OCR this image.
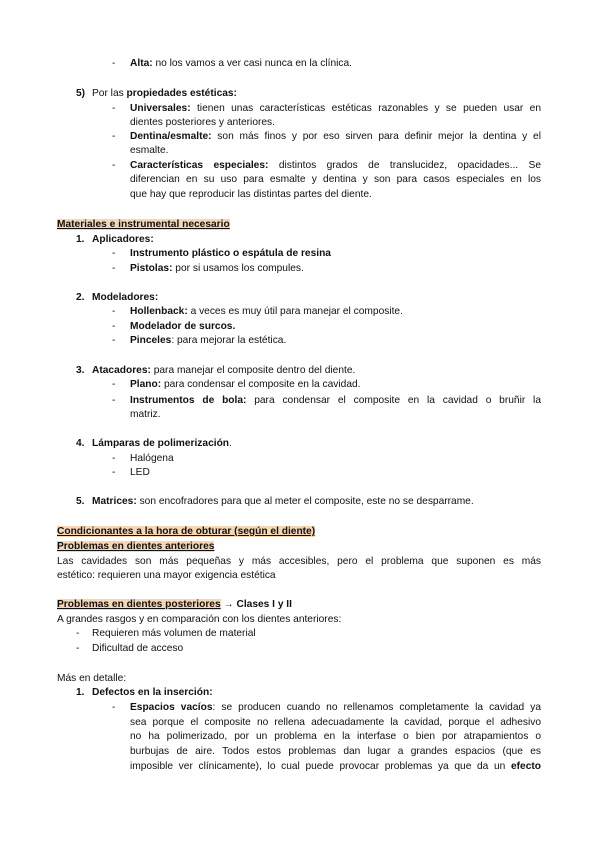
- Alta: no los vamos a ver casi nunca en la clínica.
5) Por las propiedades estéticas:
- Universales: tienen unas características estéticas razonables y se pueden usar en
dientes posteriores y anteriores.
- Dentina/esmalte: son más finos y por eso sirven para definir mejor la dentina y el
esmalte.
- Características especiales: distintos grados de translucidez, opacidades... Se
diferencian en su uso para esmalte y dentina y son para casos especiales en los
que hay que reproducir las distintas partes del diente.
Materiales e instrumental necesario
1. Aplicadores:
- Instrumento plástico o espátula de resina
- Pistolas: por si usamos los compules.
2. Modeladores:
- Hollenback: a veces es muy útil para manejar el composite.
- Modelador de surcos.
- Pinceles: para mejorar la estética.
3. Atacadores: para manejar el composite dentro del diente.
- Plano: para condensar el composite en la cavidad.
- Instrumentos de bola: para condensar el composite en la cavidad o bruñir la
matriz.
4. Lámparas de polimerización.
- Halógena
- LED
5. Matrices: son encofradores para que al meter el composite, este no se desparrame.
Condicionantes a la hora de obturar (según el diente)
Problemas en dientes anteriores
Las cavidades son más pequeñas y más accesibles, pero el problema que suponen es más
estético: requieren una mayor exigencia estética
Problemas en dientes posteriores → Clases I y II
A grandes rasgos y en comparación con los dientes anteriores:
- Requieren más volumen de material
- Dificultad de acceso
Más en detalle:
1. Defectos en la inserción:
- Espacios vacíos: se producen cuando no rellenamos completamente la cavidad ya
sea porque el composite no rellena adecuadamente la cavidad, porque el adhesivo
no ha polimerizado, por un problema en la interfase o bien por atrapamientos o
burbujas de aire. Todos estos problemas dan lugar a grandes espacios (que es
imposible ver clínicamente), lo cual puede provocar problemas ya que da un efecto
